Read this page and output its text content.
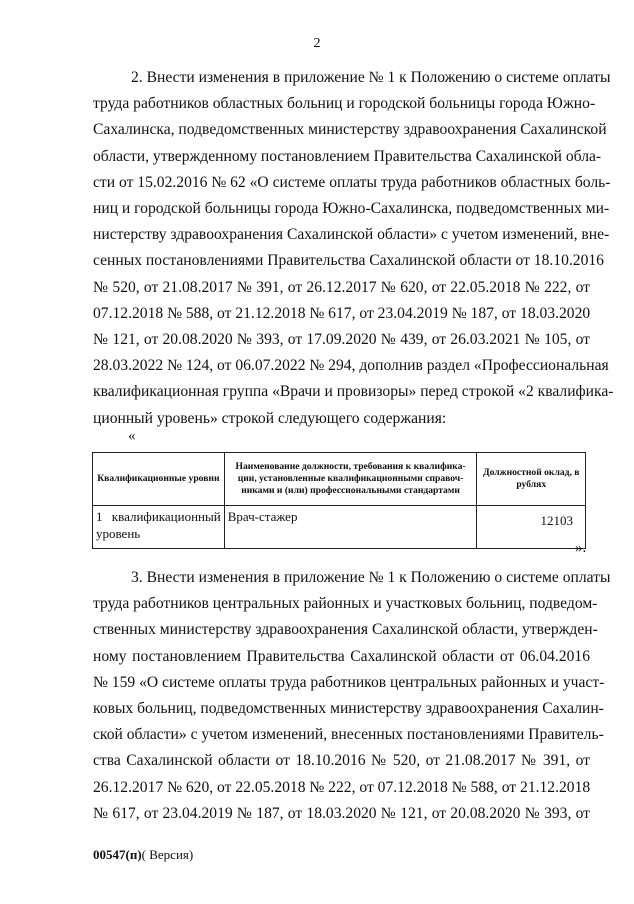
2
2. Внести изменения в приложение № 1 к Положению о системе оплаты
труда работников областных больниц и городской больницы города Южно-
Сахалинска, подведомственных министерству здравоохранения Сахалинской
области, утвержденному постановлением Правительства Сахалинской обла-
сти от 15.02.2016 № 62 «О системе оплаты труда работников областных боль-
ниц и городской больницы города Южно-Сахалинска, подведомственных ми-
нистерству здравоохранения Сахалинской области» с учетом изменений, вне-
сенных постановлениями Правительства Сахалинской области от 18.10.2016
№ 520, от 21.08.2017 № 391, от 26.12.2017 № 620, от 22.05.2018 № 222, от
07.12.2018 № 588, от 21.12.2018 № 617, от 23.04.2019 № 187, от 18.03.2020
№ 121, от 20.08.2020 № 393, от 17.09.2020 № 439, от 26.03.2021 № 105, от
28.03.2022 № 124, от 06.07.2022 № 294, дополнив раздел «Профессиональная
квалификационная группа «Врачи и провизоры» перед строкой «2 квалифика-
ционный уровень» строкой следующего содержания:
«
Квалификационные уровни	Наименование должности, требования к квалифика-ции, установленные квалификационными справоч-никами и (или) профессиональными стандартами	Должностной оклад, в рублях
1 квалификационный уровень	Врач-стажер	12103
».
3. Внести изменения в приложение № 1 к Положению о системе оплаты
труда работников центральных районных и участковых больниц, подведом-
ственных министерству здравоохранения Сахалинской области, утвержден-
ному постановлением Правительства Сахалинской области от 06.04.2016
№ 159 «О системе оплаты труда работников центральных районных и участ-
ковых больниц, подведомственных министерству здравоохранения Сахалин-
ской области» с учетом изменений, внесенных постановлениями Правитель-
ства Сахалинской области от 18.10.2016 № 520, от 21.08.2017 № 391, от
26.12.2017 № 620, от 22.05.2018 № 222, от 07.12.2018 № 588, от 21.12.2018
№ 617, от 23.04.2019 № 187, от 18.03.2020 № 121, от 20.08.2020 № 393, от
00547(п)( Версия)
